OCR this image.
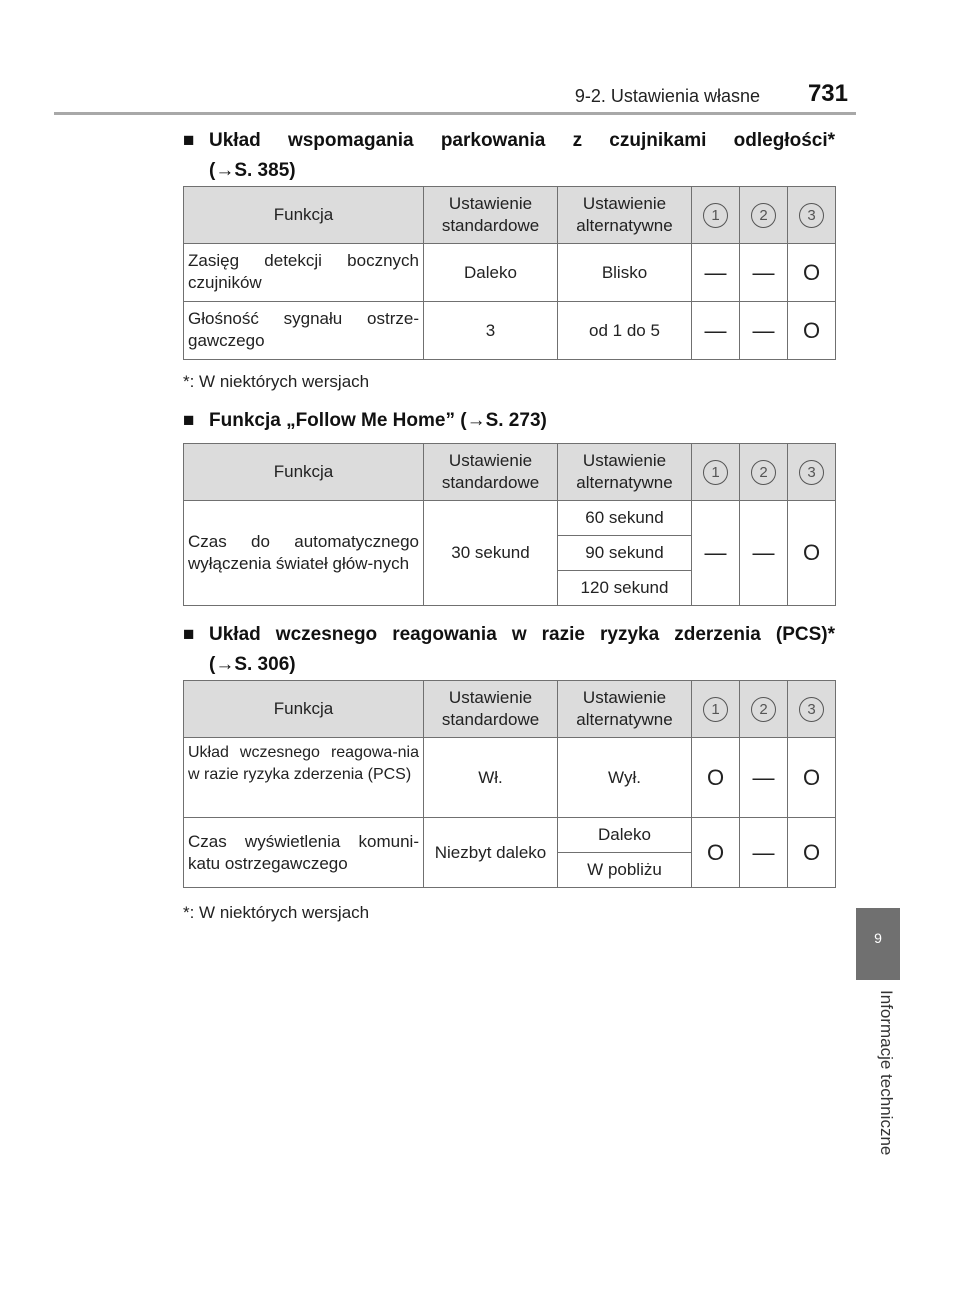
9-2. Ustawienia własne 731
9
Informacje techniczne
■ Układ wspomagania parkowania z czujnikami odległości*
(→S. 385)
Funkcja	Ustawienie standardowe	Ustawienie alternatywne	1	2	3
Zasięg detekcji bocznych czujników	Daleko	Blisko	—	—	O
Głośność sygnału ostrze-gawczego	3	od 1 do 5	—	—	O
*: W niektórych wersjach
■ Funkcja „Follow Me Home” (→S. 273)
Funkcja	Ustawienie standardowe	Ustawienie alternatywne	1	2	3
Czas do automatycznego wyłączenia świateł głów-nych	30 sekund	60 sekund	—	—	O
		90 sekund			
		120 sekund			
■ Układ wczesnego reagowania w razie ryzyka zderzenia (PCS)*
(→S. 306)
Funkcja	Ustawienie standardowe	Ustawienie alternatywne	1	2	3
Układ wczesnego reagowa-nia w razie ryzyka zderzenia (PCS)	Wł.	Wył.	O	—	O
Czas wyświetlenia komuni-katu ostrzegawczego	Niezbyt daleko	Daleko	O	—	O
		W pobliżu			
*: W niektórych wersjach
